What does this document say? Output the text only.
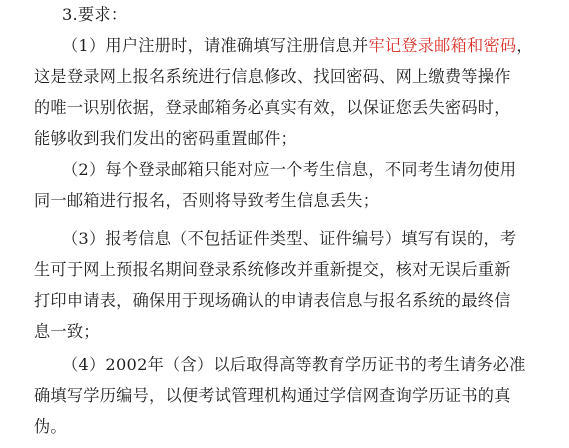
3.要求：
（1）用户注册时，请准确填写注册信息并牢记登录邮箱和密码，
这是登录网上报名系统进行信息修改、找回密码、网上缴费等操作
的唯一识别依据，登录邮箱务必真实有效，以保证您丢失密码时，
能够收到我们发出的密码重置邮件；
（2）每个登录邮箱只能对应一个考生信息，不同考生请勿使用
同一邮箱进行报名，否则将导致考生信息丢失；
（3）报考信息（不包括证件类型、证件编号）填写有误的，考
生可于网上预报名期间登录系统修改并重新提交，核对无误后重新
打印申请表，确保用于现场确认的申请表信息与报名系统的最终信
息一致；
（4）2002年（含）以后取得高等教育学历证书的考生请务必准
确填写学历编号，以便考试管理机构通过学信网查询学历证书的真
伪。
